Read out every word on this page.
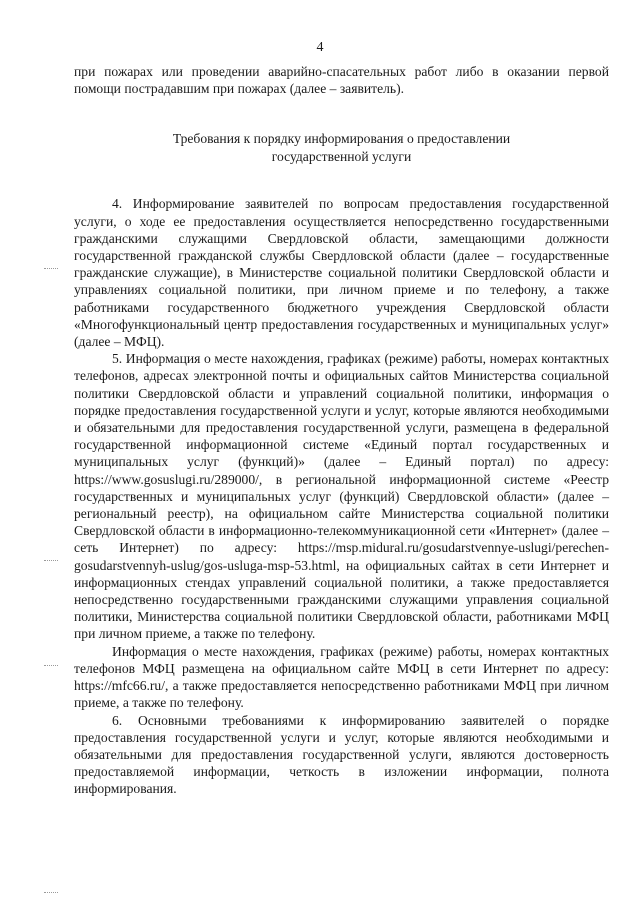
4

при пожарах или проведении аварийно-спасательных работ либо в оказании первой помощи пострадавшим при пожарах (далее – заявитель).

Требования к порядку информирования о предоставлении
государственной услуги

4. Информирование заявителей по вопросам предоставления государственной услуги, о ходе ее предоставления осуществляется непосредственно государственными гражданскими служащими Свердловской области, замещающими должности государственной гражданской службы Свердловской области (далее – государственные гражданские служащие), в Министерстве социальной политики Свердловской области и управлениях социальной политики, при личном приеме и по телефону, а также работниками государственного бюджетного учреждения Свердловской области «Многофункциональный центр предоставления государственных и муниципальных услуг» (далее – МФЦ).

5. Информация о месте нахождения, графиках (режиме) работы, номерах контактных телефонов, адресах электронной почты и официальных сайтов Министерства социальной политики Свердловской области и управлений социальной политики, информация о порядке предоставления государственной услуги и услуг, которые являются необходимыми и обязательными для предоставления государственной услуги, размещена в федеральной государственной информационной системе «Единый портал государственных и муниципальных услуг (функций)» (далее – Единый портал) по адресу: https://www.gosuslugi.ru/289000/, в региональной информационной системе «Реестр государственных и муниципальных услуг (функций) Свердловской области» (далее – региональный реестр), на официальном сайте Министерства социальной политики Свердловской области в информационно-телекоммуникационной сети «Интернет» (далее – сеть Интернет) по адресу: https://msp.midural.ru/gosudarstvennye-uslugi/perechen-gosudarstvennyh-uslug/gos-usluga-msp-53.html, на официальных сайтах в сети Интернет и информационных стендах управлений социальной политики, а также предоставляется непосредственно государственными гражданскими служащими управления социальной политики, Министерства социальной политики Свердловской области, работниками МФЦ при личном приеме, а также по телефону.

Информация о месте нахождения, графиках (режиме) работы, номерах контактных телефонов МФЦ размещена на официальном сайте МФЦ в сети Интернет по адресу: https://mfc66.ru/, а также предоставляется непосредственно работниками МФЦ при личном приеме, а также по телефону.

6. Основными требованиями к информированию заявителей о порядке предоставления государственной услуги и услуг, которые являются необходимыми и обязательными для предоставления государственной услуги, являются достоверность предоставляемой информации, четкость в изложении информации, полнота информирования.
